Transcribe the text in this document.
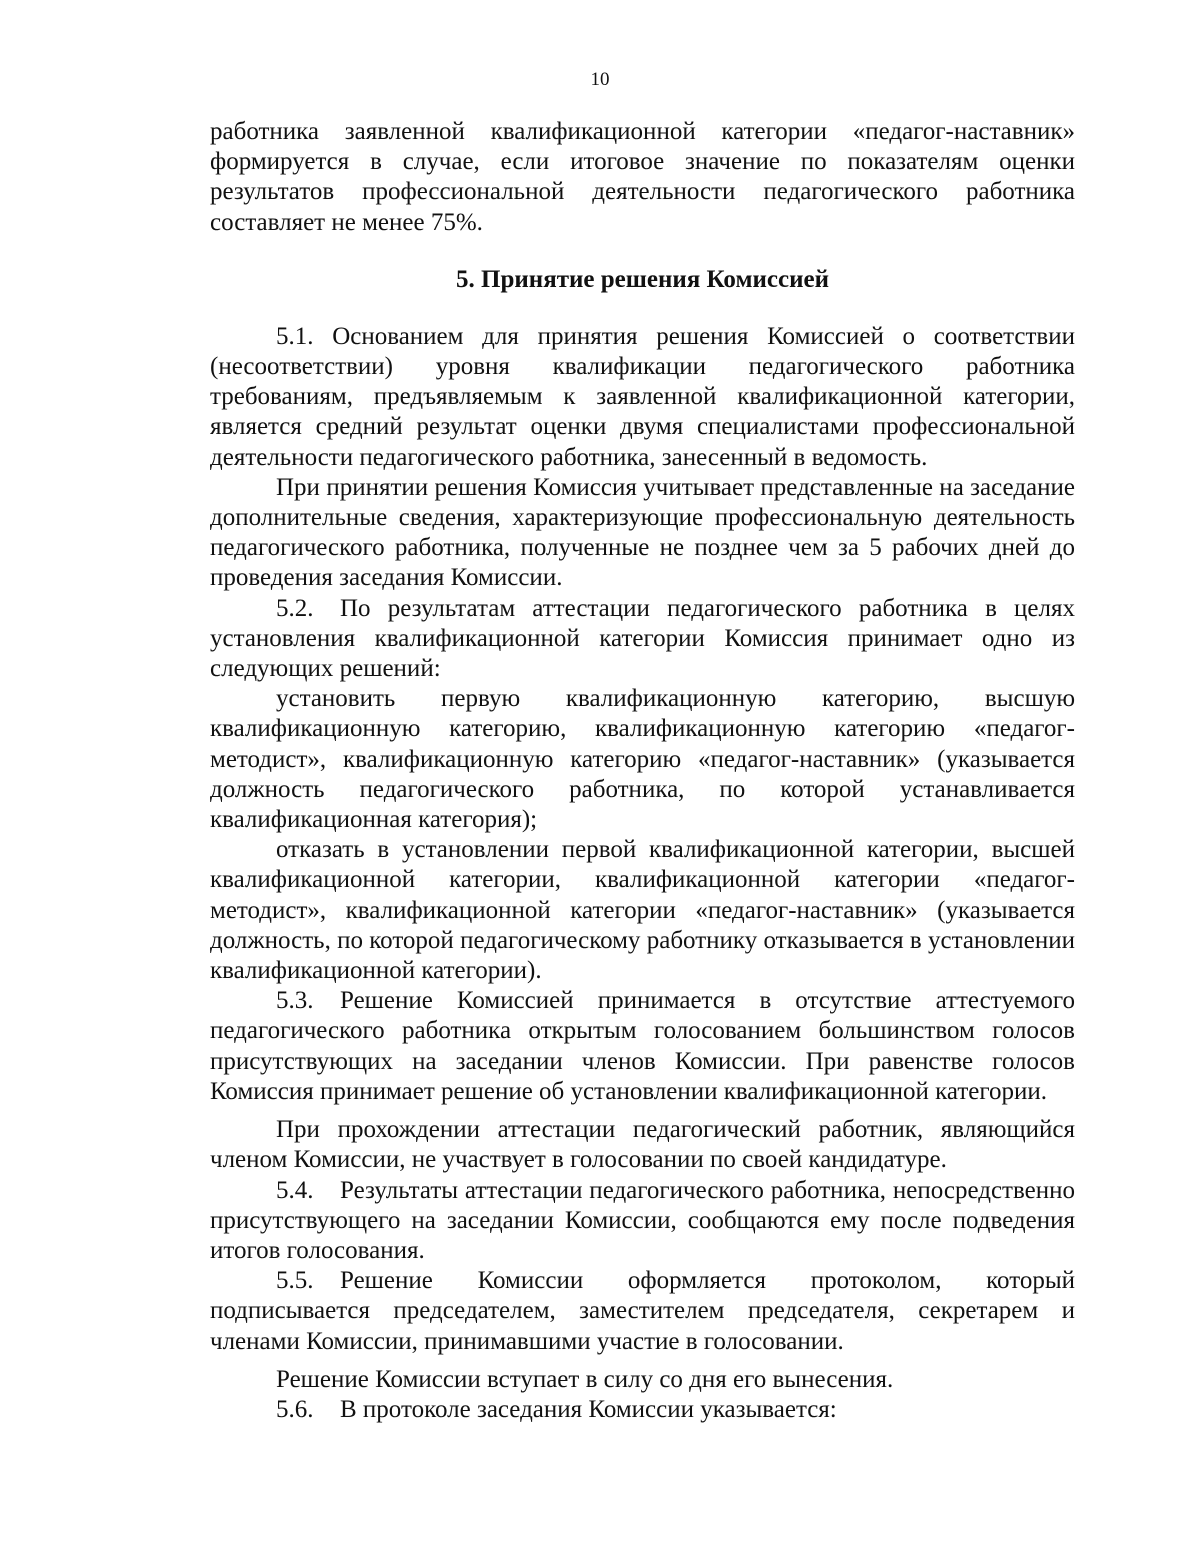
10

работника заявленной квалификационной категории «педагог-наставник» формируется в случае, если итоговое значение по показателям оценки результатов профессиональной деятельности педагогического работника составляет не менее 75%.

5. Принятие решения Комиссией

5.1. Основанием для принятия решения Комиссией о соответствии (несоответствии) уровня квалификации педагогического работника требованиям, предъявляемым к заявленной квалификационной категории, является средний результат оценки двумя специалистами профессиональной деятельности педагогического работника, занесенный в ведомость.

При принятии решения Комиссия учитывает представленные на заседание дополнительные сведения, характеризующие профессиональную деятельность педагогического работника, полученные не позднее чем за 5 рабочих дней до проведения заседания Комиссии.

5.2. По результатам аттестации педагогического работника в целях установления квалификационной категории Комиссия принимает одно из следующих решений:

установить первую квалификационную категорию, высшую квалификационную категорию, квалификационную категорию «педагог-методист», квалификационную категорию «педагог-наставник» (указывается должность педагогического работника, по которой устанавливается квалификационная категория);

отказать в установлении первой квалификационной категории, высшей квалификационной категории, квалификационной категории «педагог-методист», квалификационной категории «педагог-наставник» (указывается должность, по которой педагогическому работнику отказывается в установлении квалификационной категории).

5.3. Решение Комиссией принимается в отсутствие аттестуемого педагогического работника открытым голосованием большинством голосов присутствующих на заседании членов Комиссии. При равенстве голосов Комиссия принимает решение об установлении квалификационной категории.

При прохождении аттестации педагогический работник, являющийся членом Комиссии, не участвует в голосовании по своей кандидатуре.

5.4. Результаты аттестации педагогического работника, непосредственно присутствующего на заседании Комиссии, сообщаются ему после подведения итогов голосования.

5.5. Решение Комиссии оформляется протоколом, который подписывается председателем, заместителем председателя, секретарем и членами Комиссии, принимавшими участие в голосовании.

Решение Комиссии вступает в силу со дня его вынесения.

5.6. В протоколе заседания Комиссии указывается:
